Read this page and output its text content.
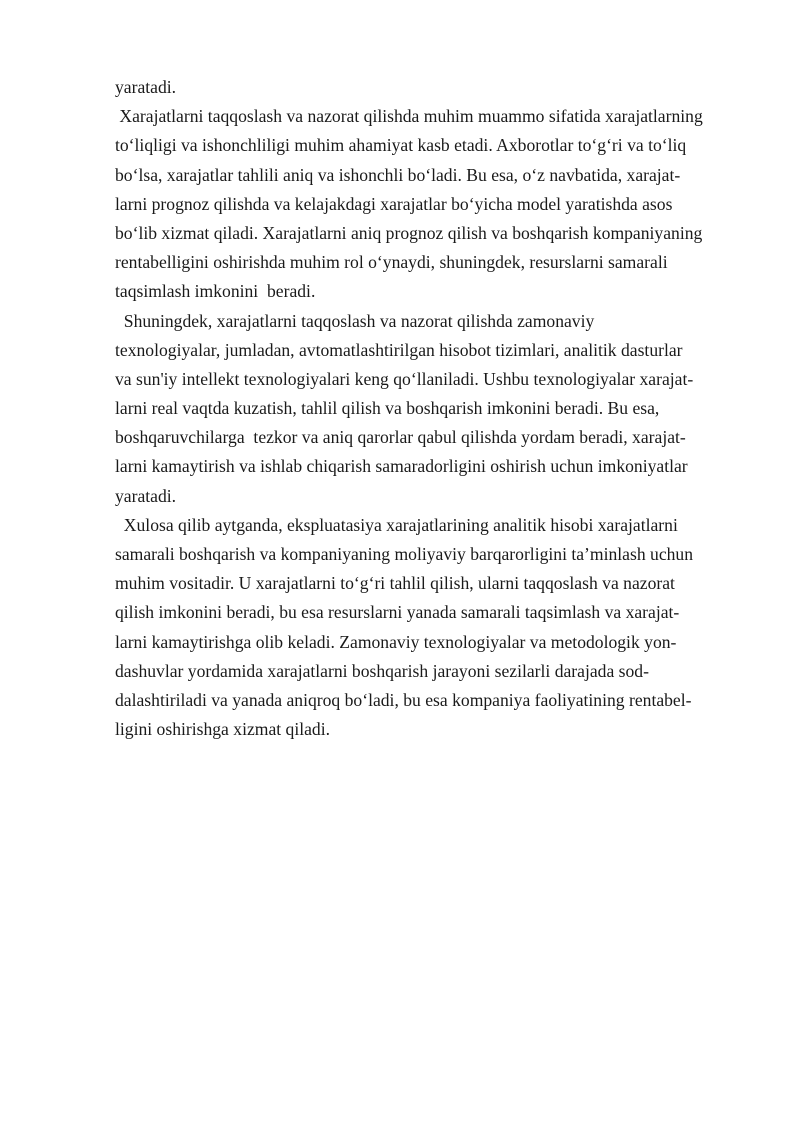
yaratadi.
Xarajatlarni taqqoslash va nazorat qilishda muhim muammo sifatida xarajatlarning
to‘liqligi va ishonchliligi muhim ahamiyat kasb etadi. Axborotlar to‘g‘ri va to‘liq
bo‘lsa, xarajatlar tahlili aniq va ishonchli bo‘ladi. Bu esa, o‘z navbatida, xarajat-
larni prognoz qilishda va kelajakdagi xarajatlar bo‘yicha model yaratishda asos
bo‘lib xizmat qiladi. Xarajatlarni aniq prognoz qilish va boshqarish kompaniyaning
rentabelligini oshirishda muhim rol o‘ynaydi, shuningdek, resurslarni samarali
taqsimlash imkonini  beradi.
Shuningdek, xarajatlarni taqqoslash va nazorat qilishda zamonaviy
texnologiyalar, jumladan, avtomatlashtirilgan hisobot tizimlari, analitik dasturlar
va sun'iy intellekt texnologiyalari keng qo‘llaniladi. Ushbu texnologiyalar xarajat-
larni real vaqtda kuzatish, tahlil qilish va boshqarish imkonini beradi. Bu esa,
boshqaruvchilarga  tezkor va aniq qarorlar qabul qilishda yordam beradi, xarajat-
larni kamaytirish va ishlab chiqarish samaradorligini oshirish uchun imkoniyatlar
yaratadi.
Xulosa qilib aytganda, ekspluatasiya xarajatlarining analitik hisobi xarajatlarni
samarali boshqarish va kompaniyaning moliyaviy barqarorligini ta’minlash uchun
muhim vositadir. U xarajatlarni to‘g‘ri tahlil qilish, ularni taqqoslash va nazorat
qilish imkonini beradi, bu esa resurslarni yanada samarali taqsimlash va xarajat-
larni kamaytirishga olib keladi. Zamonaviy texnologiyalar va metodologik yon-
dashuvlar yordamida xarajatlarni boshqarish jarayoni sezilarli darajada sod-
dalashtiriladi va yanada aniqroq bo‘ladi, bu esa kompaniya faoliyatining rentabel-
ligini oshirishga xizmat qiladi.
